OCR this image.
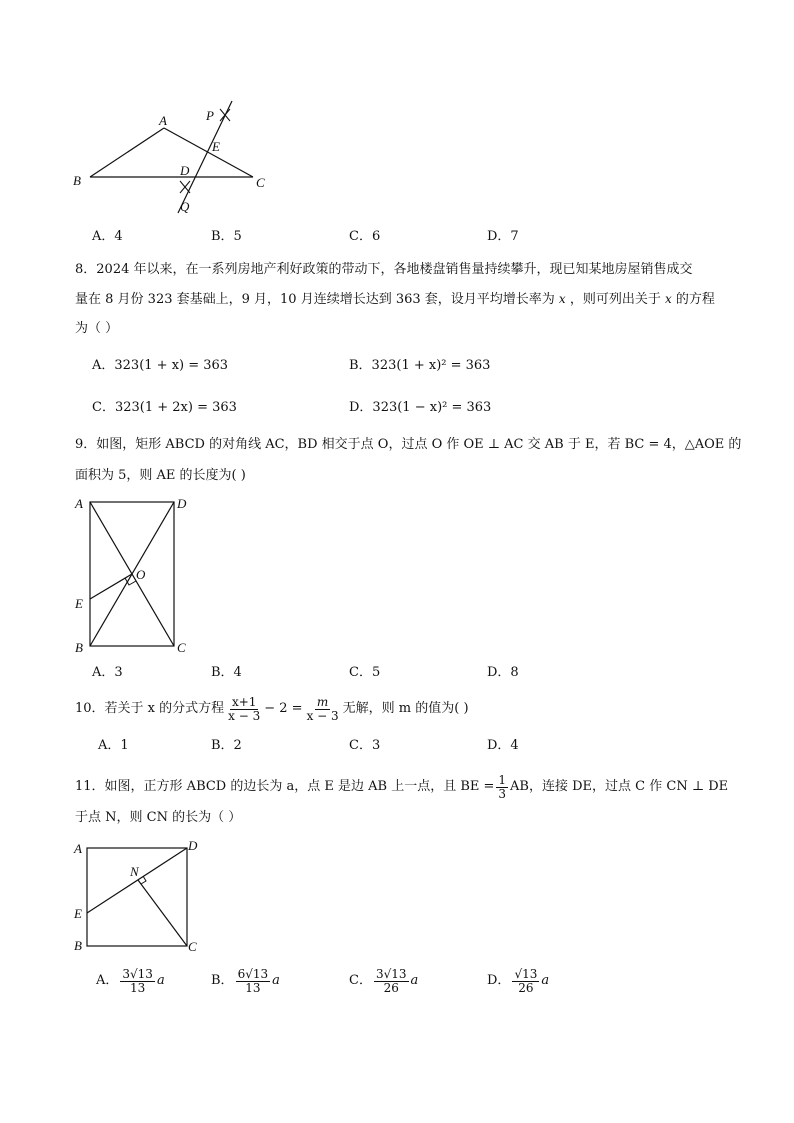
A
B	C
D
E
P
Q
A．4	B．5	C．6	D．7
8．2024 年以来，在一系列房地产利好政策的带动下，各地楼盘销售量持续攀升，现已知某地房屋销售成交
量在 8 月份 323 套基础上，9 月，10 月连续增长达到 363 套，设月平均增长率为 x ，则可列出关于 x 的方程
为（ ）
A．323(1 + x) = 363	B．323(1 + x)² = 363
C．323(1 + 2x) = 363	D．323(1 − x)² = 363
9．如图，矩形 ABCD 的对角线 AC，BD 相交于点 O，过点 O 作 OE ⊥ AC 交 AB 于 E，若 BC = 4，△AOE 的
面积为 5，则 AE 的长度为( )
A	D
O
E
B	C
A．3	B．4	C．5	D．8
10．若关于 x 的分式方程 $\frac{x+1}{x - 3} - 2 = \frac{m}{x - 3}$ 无解，则 m 的值为( )
A．1	B．2	C．3	D．4
11．如图，正方形 ABCD 的边长为 a，点 E 是边 AB 上一点，且 BE = $\frac{1}{3}$ AB，连接 DE，过点 C 作 CN ⊥ DE
于点 N，则 CN 的长为（ ）
A	D
N
E
B	C
A． $\frac{3√13}{13}$ a	B． $\frac{6√13}{13}$ a	C． $\frac{3√13}{26}$ a	D． $\frac{√13}{26}$ a
